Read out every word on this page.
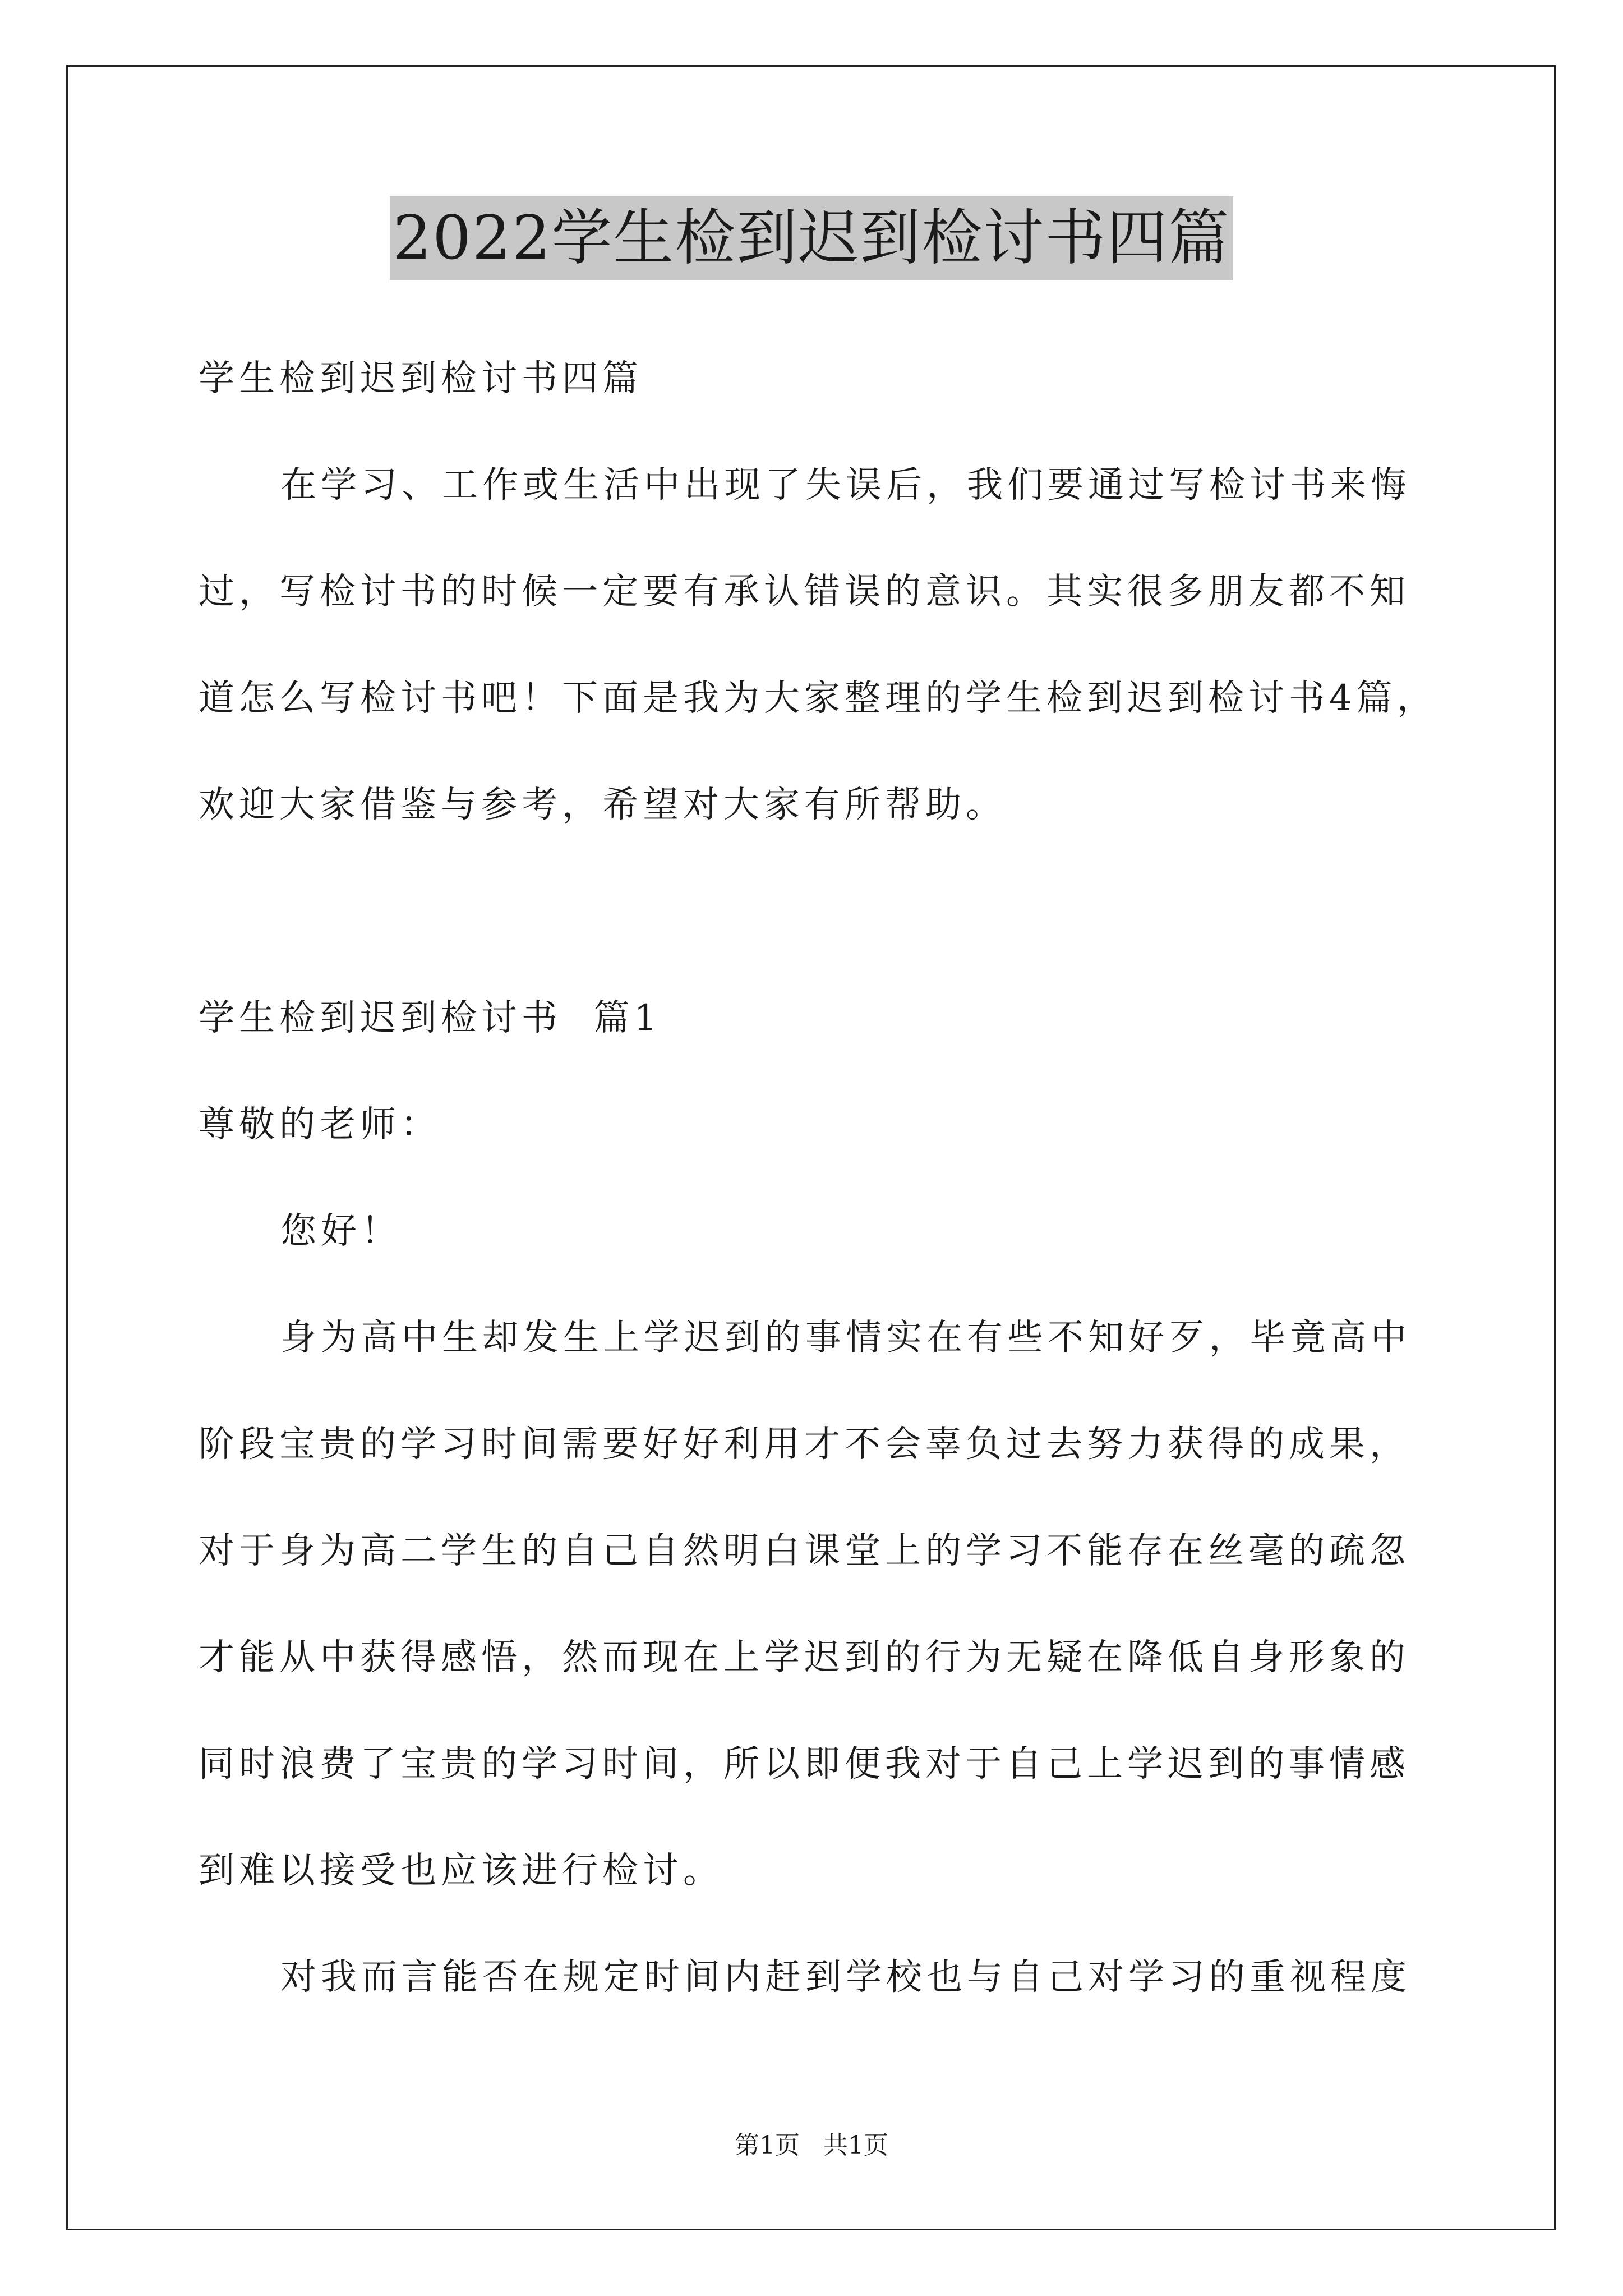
2022学生检到迟到检讨书四篇
学生检到迟到检讨书四篇
在学习、工作或生活中出现了失误后，我们要通过写检讨书来悔
过，写检讨书的时候一定要有承认错误的意识。其实很多朋友都不知
道怎么写检讨书吧！下面是我为大家整理的学生检到迟到检讨书4篇，
欢迎大家借鉴与参考，希望对大家有所帮助。
学生检到迟到检讨书  篇1
尊敬的老师：
您好！
身为高中生却发生上学迟到的事情实在有些不知好歹，毕竟高中
阶段宝贵的学习时间需要好好利用才不会辜负过去努力获得的成果，
对于身为高二学生的自己自然明白课堂上的学习不能存在丝毫的疏忽
才能从中获得感悟，然而现在上学迟到的行为无疑在降低自身形象的
同时浪费了宝贵的学习时间，所以即便我对于自己上学迟到的事情感
到难以接受也应该进行检讨。
对我而言能否在规定时间内赶到学校也与自己对学习的重视程度
第1页 共1页
